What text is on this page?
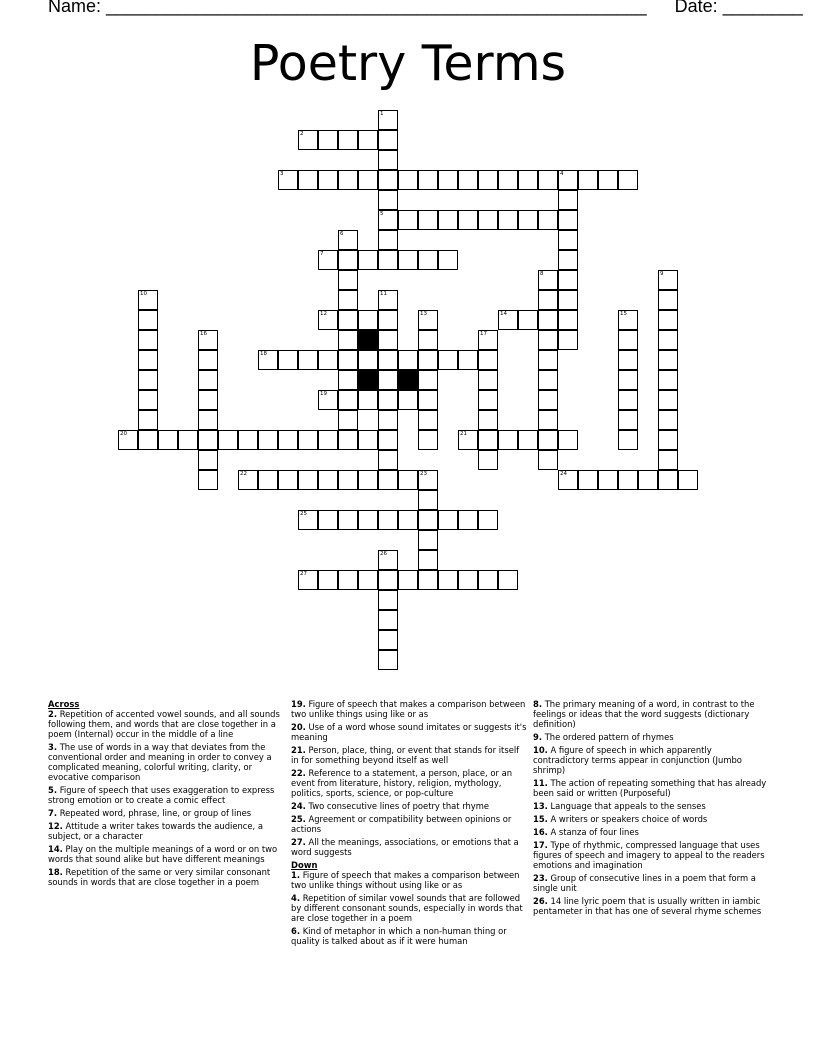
Name: ______________________________________________________ Date: ________
Poetry Terms
1
2
3	4
5
6
7
8	9
10	11
12	13	14	15
16	17
18
19
20	21
22	23	24
25
26
27
Across
2. Repetition of accented vowel sounds, and all sounds following them, and words that are close together in a poem (Internal) occur in the middle of a line
3. The use of words in a way that deviates from the conventional order and meaning in order to convey a complicated meaning, colorful writing, clarity, or evocative comparison
5. Figure of speech that uses exaggeration to express strong emotion or to create a comic effect
7. Repeated word, phrase, line, or group of lines
12. Attitude a writer takes towards the audience, a subject, or a character
14. Play on the multiple meanings of a word or on two words that sound alike but have different meanings
18. Repetition of the same or very similar consonant sounds in words that are close together in a poem
19. Figure of speech that makes a comparison between two unlike things using like or as
20. Use of a word whose sound imitates or suggests it's meaning
21. Person, place, thing, or event that stands for itself in for something beyond itself as well
22. Reference to a statement, a person, place, or an event from literature, history, religion, mythology, politics, sports, science, or pop-culture
24. Two consecutive lines of poetry that rhyme
25. Agreement or compatibility between opinions or actions
27. All the meanings, associations, or emotions that a word suggests
Down
1. Figure of speech that makes a comparison between two unlike things without using like or as
4. Repetition of similar vowel sounds that are followed by different consonant sounds, especially in words that are close together in a poem
6. Kind of metaphor in which a non-human thing or quality is talked about as if it were human
8. The primary meaning of a word, in contrast to the feelings or ideas that the word suggests (dictionary definition)
9. The ordered pattern of rhymes
10. A figure of speech in which apparently contradictory terms appear in conjunction (Jumbo shrimp)
11. The action of repeating something that has already been said or written (Purposeful)
13. Language that appeals to the senses
15. A writers or speakers choice of words
16. A stanza of four lines
17. Type of rhythmic, compressed language that uses figures of speech and imagery to appeal to the readers emotions and imagination
23. Group of consecutive lines in a poem that form a single unit
26. 14 line lyric poem that is usually written in iambic pentameter in that has one of several rhyme schemes
